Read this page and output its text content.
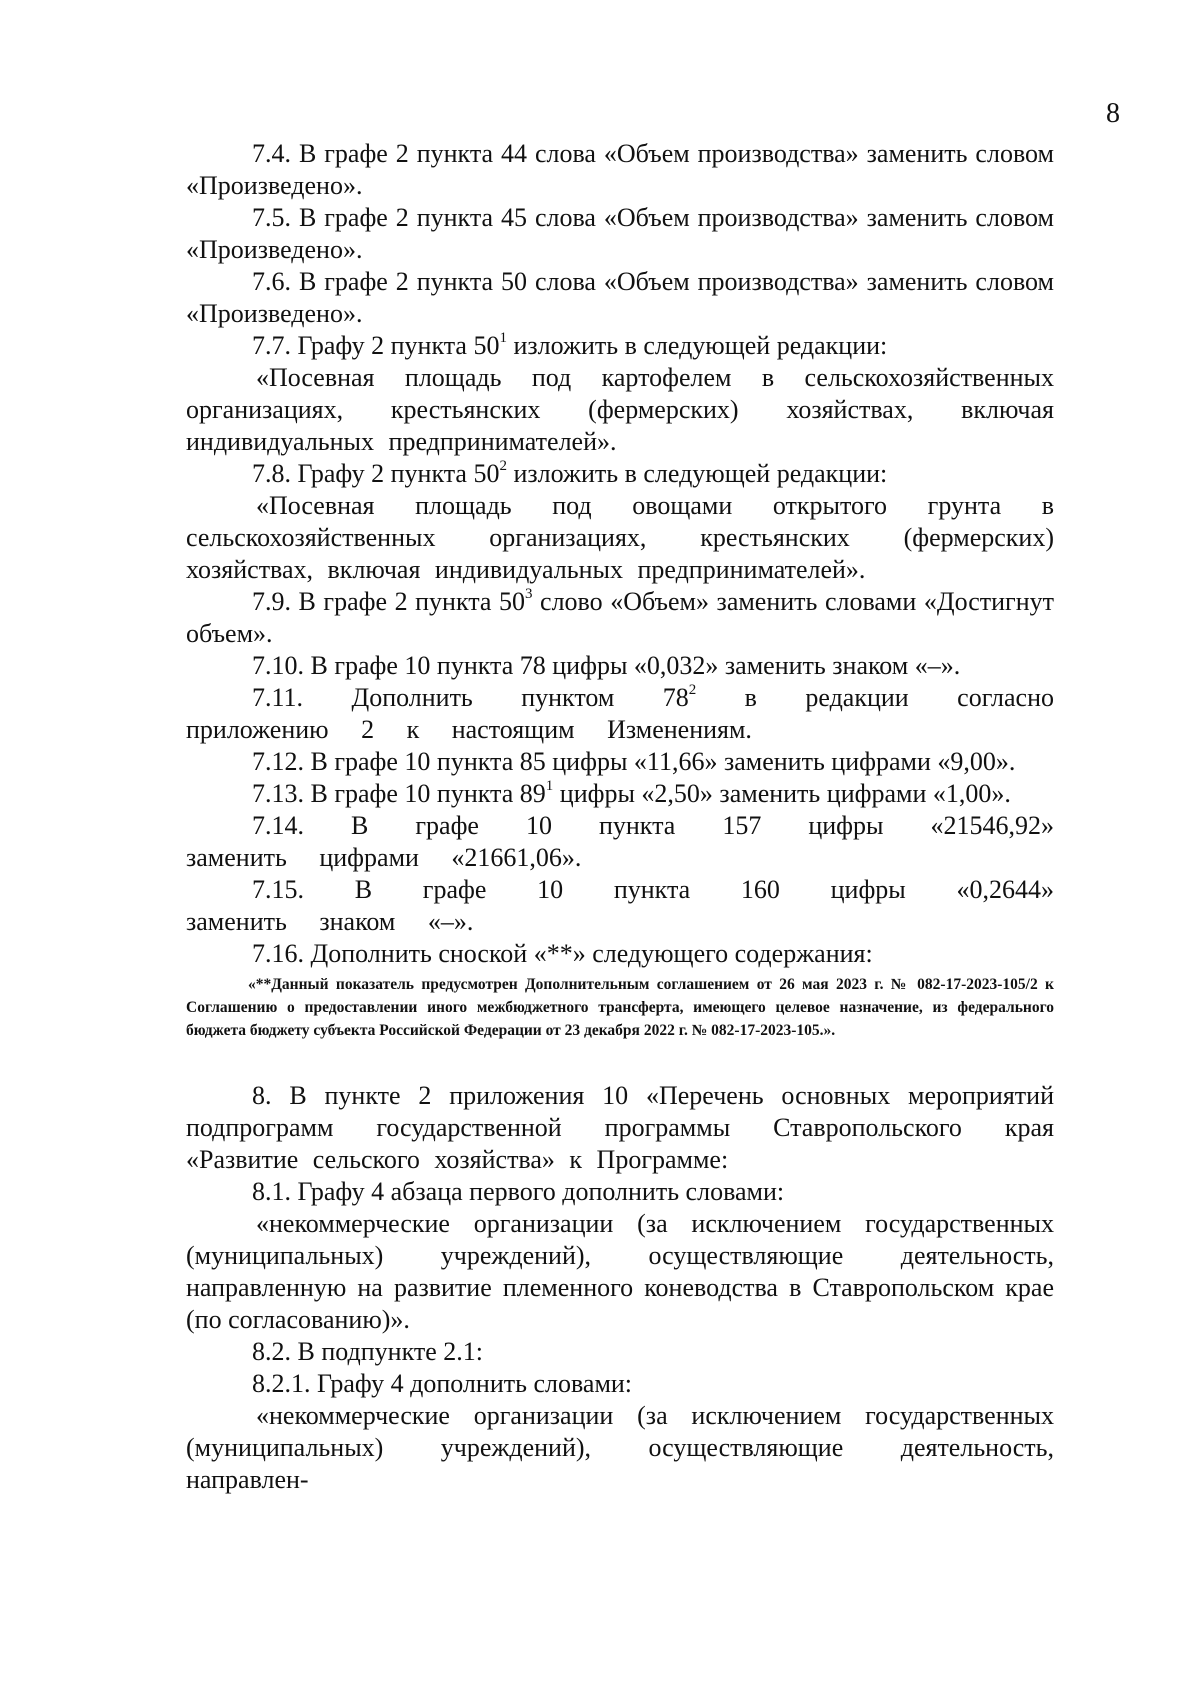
8

7.4. В графе 2 пункта 44 слова «Объем производства» заменить словом «Произведено».

7.5. В графе 2 пункта 45 слова «Объем производства» заменить словом «Произведено».

7.6. В графе 2 пункта 50 слова «Объем производства» заменить словом «Произведено».

7.7. Графу 2 пункта $50^1$ изложить в следующей редакции:

«Посевная площадь под картофелем в сельскохозяйственных организациях, крестьянских (фермерских) хозяйствах, включая индивидуальных предпринимателей».

7.8. Графу 2 пункта $50^2$ изложить в следующей редакции:

«Посевная площадь под овощами открытого грунта в сельскохозяйственных организациях, крестьянских (фермерских) хозяйствах, включая индивидуальных предпринимателей».

7.9. В графе 2 пункта $50^3$ слово «Объем» заменить словами «Достигнут объем».

7.10. В графе 10 пункта 78 цифры «0,032» заменить знаком «–».

7.11. Дополнить пунктом $78^2$ в редакции согласно приложению 2 к настоящим Изменениям.

7.12. В графе 10 пункта 85 цифры «11,66» заменить цифрами «9,00».

7.13. В графе 10 пункта $89^1$ цифры «2,50» заменить цифрами «1,00».

7.14. В графе 10 пункта 157 цифры «21546,92» заменить цифрами «21661,06».

7.15. В графе 10 пункта 160 цифры «0,2644» заменить знаком «–».

7.16. Дополнить сноской «**» следующего содержания:

«**Данный показатель предусмотрен Дополнительным соглашением от 26 мая 2023 г. № 082-17-2023-105/2 к Соглашению о предоставлении иного межбюджетного трансферта, имеющего целевое назначение, из федерального бюджета бюджету субъекта Российской Федерации от 23 декабря 2022 г. № 082-17-2023-105.».

8. В пункте 2 приложения 10 «Перечень основных мероприятий подпрограмм государственной программы Ставропольского края «Развитие сельского хозяйства» к Программе:

8.1. Графу 4 абзаца первого дополнить словами:

«некоммерческие организации (за исключением государственных (муниципальных) учреждений), осуществляющие деятельность, направленную на развитие племенного коневодства в Ставропольском крае (по согласованию)».

8.2. В подпункте 2.1:

8.2.1. Графу 4 дополнить словами:

«некоммерческие организации (за исключением государственных (муниципальных) учреждений), осуществляющие деятельность, направлен-
